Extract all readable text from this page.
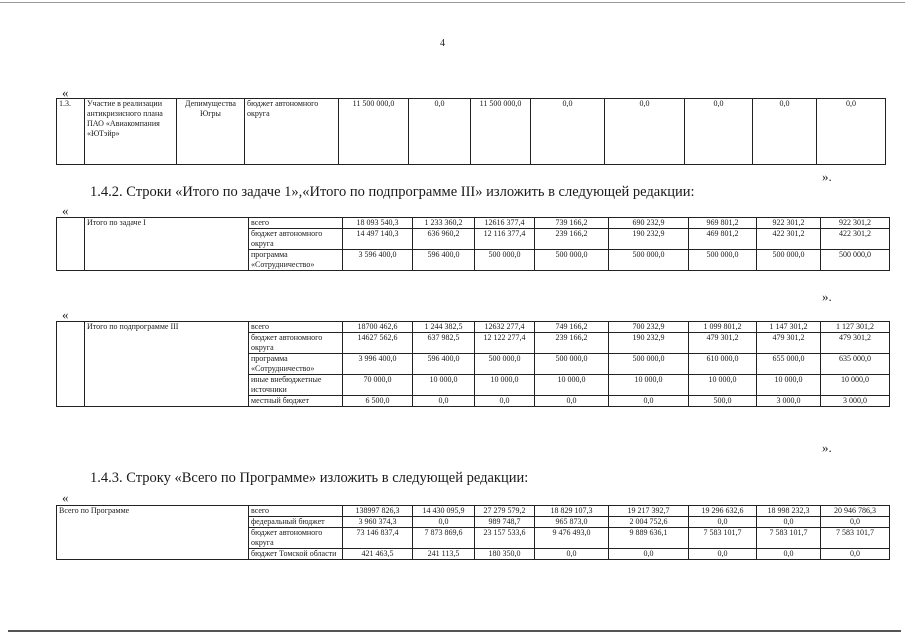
4
«
1.3.	Участие в реализации антикризисного плана ПАО «Авиакомпания «ЮТэйр»	Депимущества Югры	бюджет автономного округа	11 500 000,0	0,0	11 500 000,0	0,0	0,0	0,0	0,0	0,0
».
1.4.2. Строки «Итого по задаче 1»,«Итого по подпрограмме III» изложить в следующей редакции:
«
	Итого по задаче I	всего	18 093 540,3	1 233 360,2	12616 377,4	739 166,2	690 232,9	969 801,2	922 301,2	922 301,2
		бюджет автономного округа	14 497 140,3	636 960,2	12 116 377,4	239 166,2	190 232,9	469 801,2	422 301,2	422 301,2
		программа «Сотрудничество»	3 596 400,0	596 400,0	500 000,0	500 000,0	500 000,0	500 000,0	500 000,0	500 000,0
».
«
	Итого по подпрограмме III	всего	18700 462,6	1 244 382,5	12632 277,4	749 166,2	700 232,9	1 099 801,2	1 147 301,2	1 127 301,2
		бюджет автономного округа	14627 562,6	637 982,5	12 122 277,4	239 166,2	190 232,9	479 301,2	479 301,2	479 301,2
		программа «Сотрудничество»	3 996 400,0	596 400,0	500 000,0	500 000,0	500 000,0	610 000,0	655 000,0	635 000,0
		иные внебюджетные источники	70 000,0	10 000,0	10 000,0	10 000,0	10 000,0	10 000,0	10 000,0	10 000,0
		местный бюджет	6 500,0	0,0	0,0	0,0	0,0	500,0	3 000,0	3 000,0
».
1.4.3. Строку «Всего по Программе» изложить в следующей редакции:
«
Всего по Программе	всего	138997 826,3	14 430 095,9	27 279 579,2	18 829 107,3	19 217 392,7	19 296 632,6	18 998 232,3	20 946 786,3
	федеральный бюджет	3 960 374,3	0,0	989 748,7	965 873,0	2 004 752,6	0,0	0,0	0,0
	бюджет автономного округа	73 146 837,4	7 873 869,6	23 157 533,6	9 476 493,0	9 889 636,1	7 583 101,7	7 583 101,7	7 583 101,7
	бюджет Томской области	421 463,5	241 113,5	180 350,0	0,0	0,0	0,0	0,0	0,0
